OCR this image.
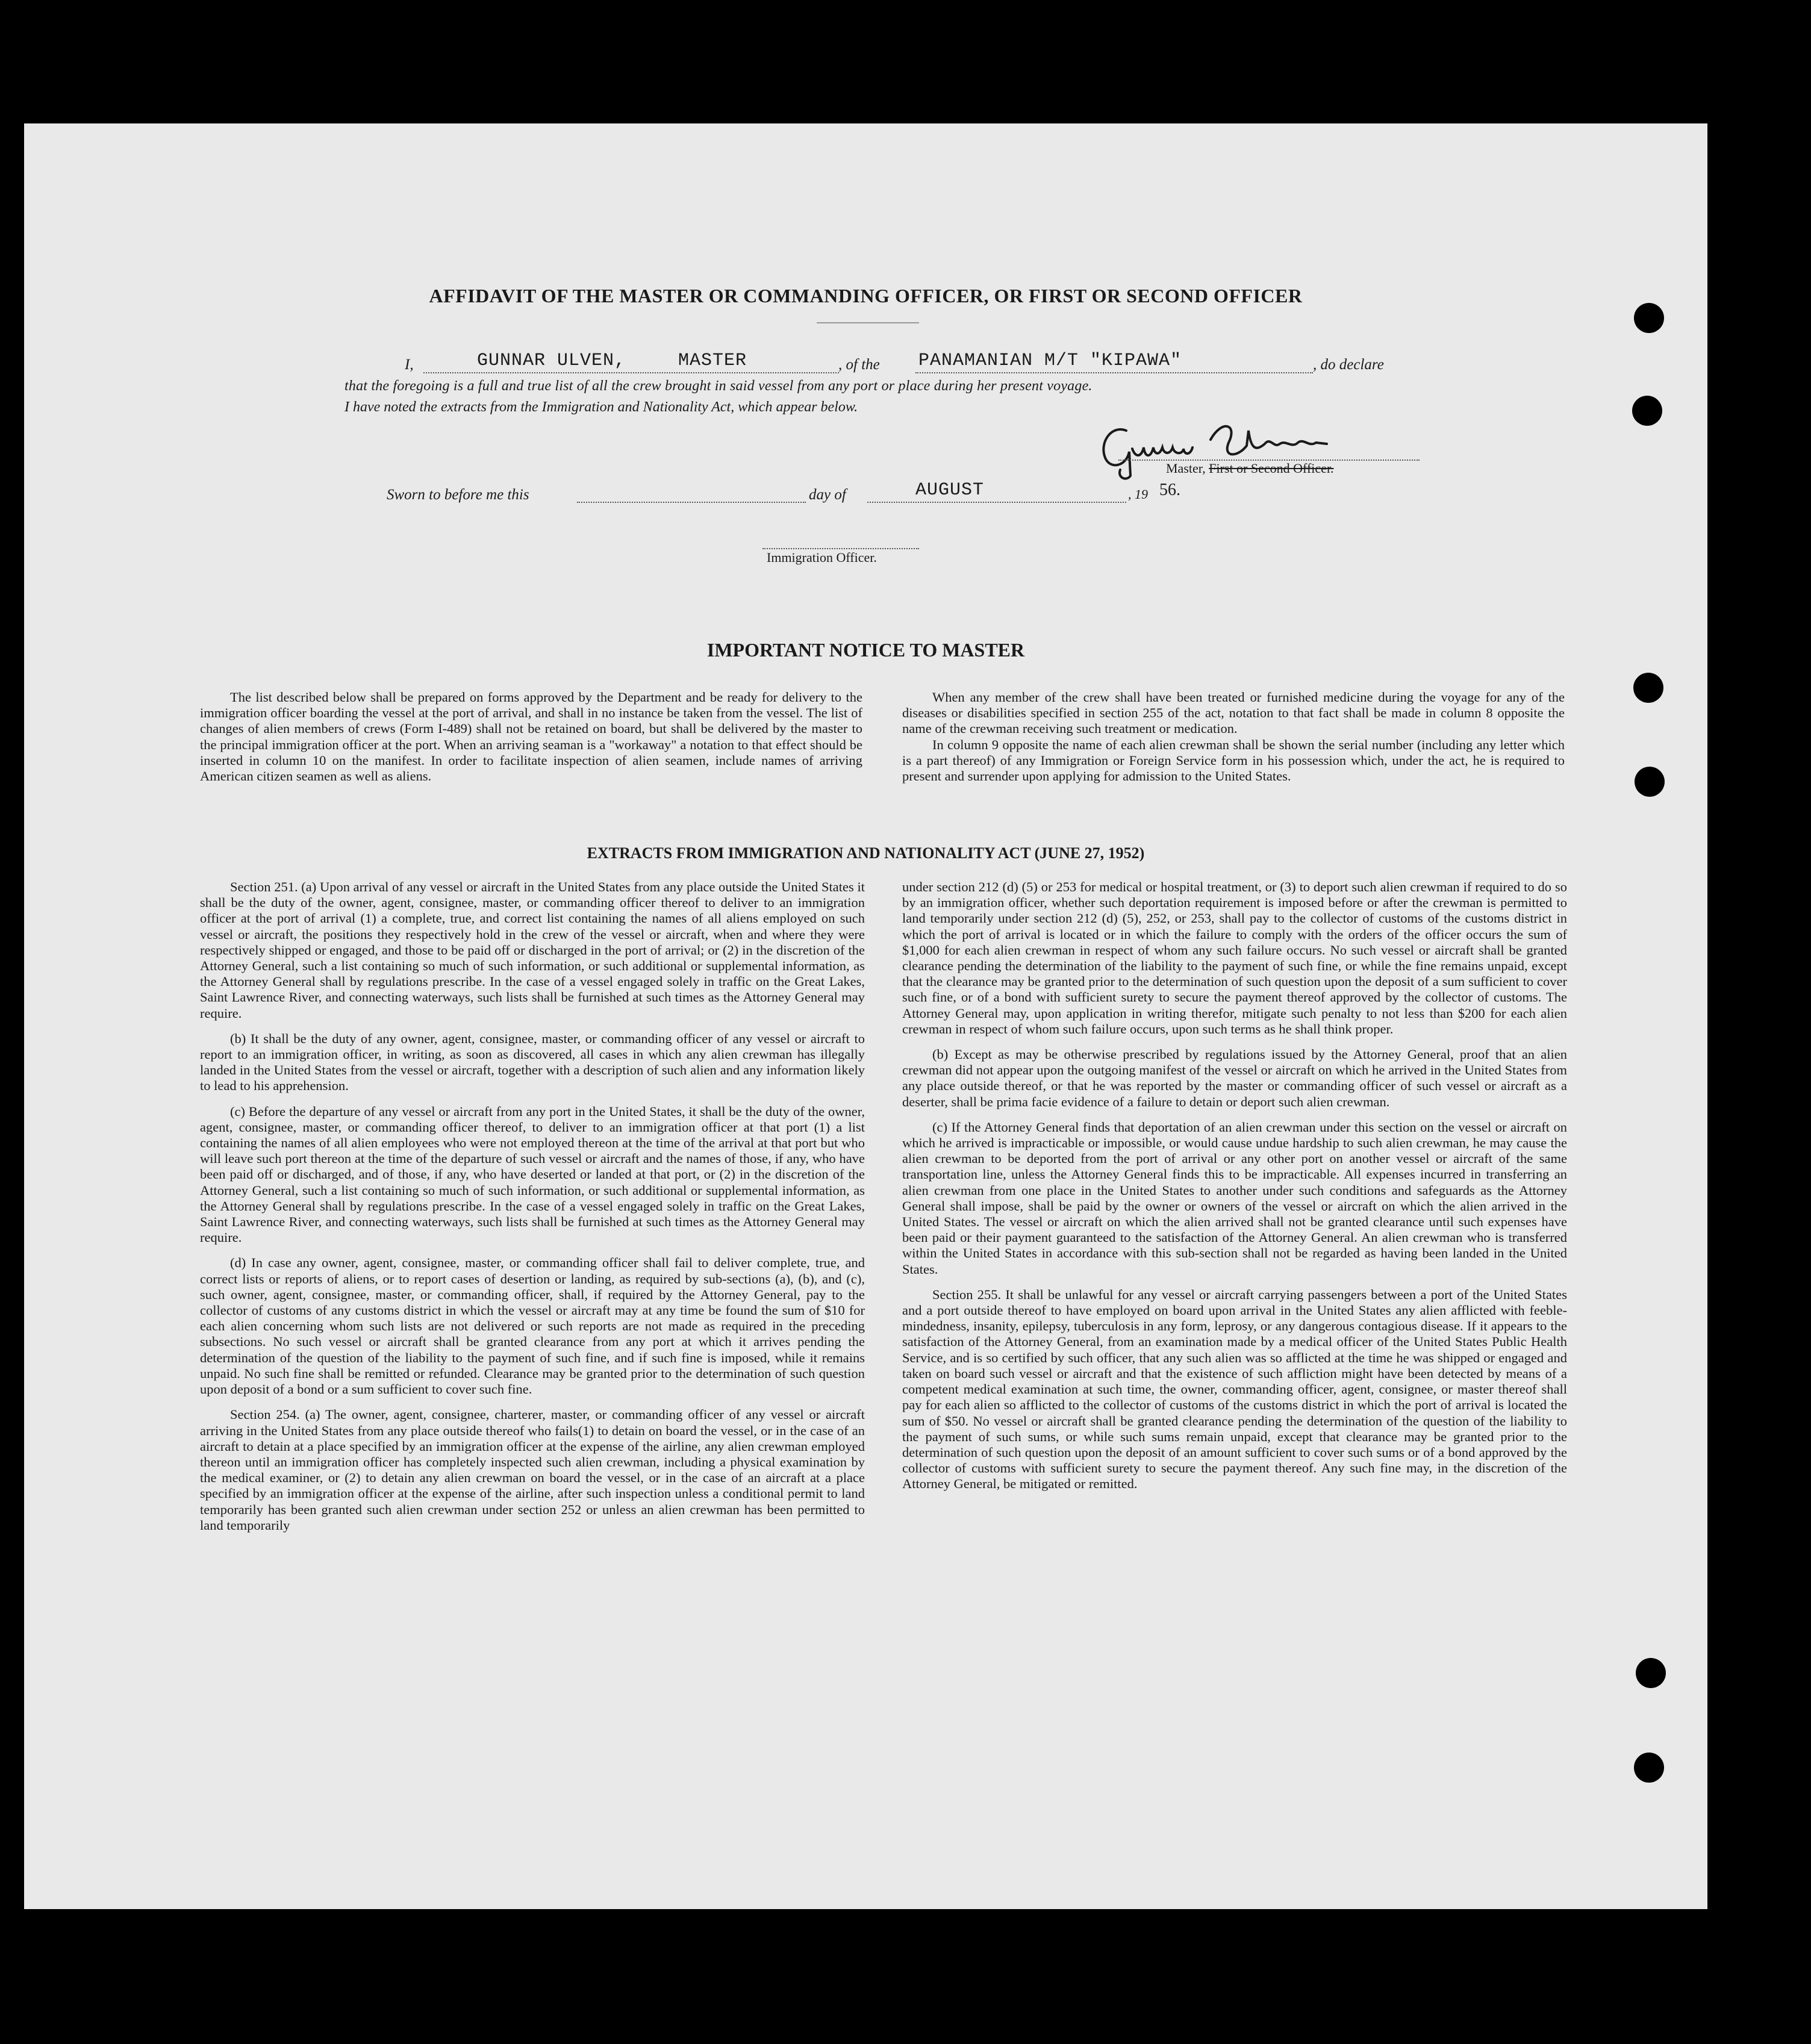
AFFIDAVIT OF THE MASTER OR COMMANDING OFFICER, OR FIRST OR SECOND OFFICER
I,	GUNNAR ULVEN,	MASTER	, of the PANAMANIAN M/T "KIPAWA"	, do declare
that the foregoing is a full and true list of all the crew brought in said vessel from any port or place during her present voyage.
I have noted the extracts from the Immigration and Nationality Act, which appear below.
Master, First or Second Officer.
Sworn to before me this	day of	AUGUST	, 19 56.
Immigration Officer.
IMPORTANT NOTICE TO MASTER

The list described below shall be prepared on forms approved by the Department and be ready for delivery to the immigration officer boarding the vessel at the port of arrival, and shall in no instance be taken from the vessel. The list of changes of alien members of crews (Form I-489) shall not be retained on board, but shall be delivered by the master to the principal immigration officer at the port. When an arriving seaman is a "workaway" a notation to that effect should be inserted in column 10 on the manifest. In order to facilitate inspection of alien seamen, include names of arriving American citizen seamen as well as aliens.

When any member of the crew shall have been treated or furnished medicine during the voyage for any of the diseases or disabilities specified in section 255 of the act, notation to that fact shall be made in column 8 opposite the name of the crewman receiving such treatment or medication.

In column 9 opposite the name of each alien crewman shall be shown the serial number (including any letter which is a part thereof) of any Immigration or Foreign Service form in his possession which, under the act, he is required to present and surrender upon applying for admission to the United States.

EXTRACTS FROM IMMIGRATION AND NATIONALITY ACT (JUNE 27, 1952)

Section 251. (a) Upon arrival of any vessel or aircraft in the United States from any place outside the United States it shall be the duty of the owner, agent, consignee, master, or commanding officer thereof to deliver to an immigration officer at the port of arrival (1) a complete, true, and correct list containing the names of all aliens employed on such vessel or aircraft, the positions they respectively hold in the crew of the vessel or aircraft, when and where they were respectively shipped or engaged, and those to be paid off or discharged in the port of arrival; or (2) in the discretion of the Attorney General, such a list containing so much of such information, or such additional or supplemental information, as the Attorney General shall by regulations prescribe. In the case of a vessel engaged solely in traffic on the Great Lakes, Saint Lawrence River, and connecting waterways, such lists shall be furnished at such times as the Attorney General may require.

(b) It shall be the duty of any owner, agent, consignee, master, or commanding officer of any vessel or aircraft to report to an immigration officer, in writing, as soon as discovered, all cases in which any alien crewman has illegally landed in the United States from the vessel or aircraft, together with a description of such alien and any information likely to lead to his apprehension.

(c) Before the departure of any vessel or aircraft from any port in the United States, it shall be the duty of the owner, agent, consignee, master, or commanding officer thereof, to deliver to an immigration officer at that port (1) a list containing the names of all alien employees who were not employed thereon at the time of the arrival at that port but who will leave such port thereon at the time of the departure of such vessel or aircraft and the names of those, if any, who have been paid off or discharged, and of those, if any, who have deserted or landed at that port, or (2) in the discretion of the Attorney General, such a list containing so much of such information, or such additional or supplemental information, as the Attorney General shall by regulations prescribe. In the case of a vessel engaged solely in traffic on the Great Lakes, Saint Lawrence River, and connecting waterways, such lists shall be furnished at such times as the Attorney General may require.

(d) In case any owner, agent, consignee, master, or commanding officer shall fail to deliver complete, true, and correct lists or reports of aliens, or to report cases of desertion or landing, as required by sub-sections (a), (b), and (c), such owner, agent, consignee, master, or commanding officer, shall, if required by the Attorney General, pay to the collector of customs of any customs district in which the vessel or aircraft may at any time be found the sum of $10 for each alien concerning whom such lists are not delivered or such reports are not made as required in the preceding subsections. No such vessel or aircraft shall be granted clearance from any port at which it arrives pending the determination of the question of the liability to the payment of such fine, and if such fine is imposed, while it remains unpaid. No such fine shall be remitted or refunded. Clearance may be granted prior to the determination of such question upon deposit of a bond or a sum sufficient to cover such fine.

Section 254. (a) The owner, agent, consignee, charterer, master, or commanding officer of any vessel or aircraft arriving in the United States from any place outside thereof who fails(1) to detain on board the vessel, or in the case of an aircraft to detain at a place specified by an immigration officer at the expense of the airline, any alien crewman employed thereon until an immigration officer has completely inspected such alien crewman, including a physical examination by the medical examiner, or (2) to detain any alien crewman on board the vessel, or in the case of an aircraft at a place specified by an immigration officer at the expense of the airline, after such inspection unless a conditional permit to land temporarily has been granted such alien crewman under section 252 or unless an alien crewman has been permitted to land temporarily

under section 212 (d) (5) or 253 for medical or hospital treatment, or (3) to deport such alien crewman if required to do so by an immigration officer, whether such deportation requirement is imposed before or after the crewman is permitted to land temporarily under section 212 (d) (5), 252, or 253, shall pay to the collector of customs of the customs district in which the port of arrival is located or in which the failure to comply with the orders of the officer occurs the sum of $1,000 for each alien crewman in respect of whom any such failure occurs. No such vessel or aircraft shall be granted clearance pending the determination of the liability to the payment of such fine, or while the fine remains unpaid, except that the clearance may be granted prior to the determination of such question upon the deposit of a sum sufficient to cover such fine, or of a bond with sufficient surety to secure the payment thereof approved by the collector of customs. The Attorney General may, upon application in writing therefor, mitigate such penalty to not less than $200 for each alien crewman in respect of whom such failure occurs, upon such terms as he shall think proper.

(b) Except as may be otherwise prescribed by regulations issued by the Attorney General, proof that an alien crewman did not appear upon the outgoing manifest of the vessel or aircraft on which he arrived in the United States from any place outside thereof, or that he was reported by the master or commanding officer of such vessel or aircraft as a deserter, shall be prima facie evidence of a failure to detain or deport such alien crewman.

(c) If the Attorney General finds that deportation of an alien crewman under this section on the vessel or aircraft on which he arrived is impracticable or impossible, or would cause undue hardship to such alien crewman, he may cause the alien crewman to be deported from the port of arrival or any other port on another vessel or aircraft of the same transportation line, unless the Attorney General finds this to be impracticable. All expenses incurred in transferring an alien crewman from one place in the United States to another under such conditions and safeguards as the Attorney General shall impose, shall be paid by the owner or owners of the vessel or aircraft on which the alien arrived in the United States. The vessel or aircraft on which the alien arrived shall not be granted clearance until such expenses have been paid or their payment guaranteed to the satisfaction of the Attorney General. An alien crewman who is transferred within the United States in accordance with this sub-section shall not be regarded as having been landed in the United States.

Section 255. It shall be unlawful for any vessel or aircraft carrying passengers between a port of the United States and a port outside thereof to have employed on board upon arrival in the United States any alien afflicted with feeble-mindedness, insanity, epilepsy, tuberculosis in any form, leprosy, or any dangerous contagious disease. If it appears to the satisfaction of the Attorney General, from an examination made by a medical officer of the United States Public Health Service, and is so certified by such officer, that any such alien was so afflicted at the time he was shipped or engaged and taken on board such vessel or aircraft and that the existence of such affliction might have been detected by means of a competent medical examination at such time, the owner, commanding officer, agent, consignee, or master thereof shall pay for each alien so afflicted to the collector of customs of the customs district in which the port of arrival is located the sum of $50. No vessel or aircraft shall be granted clearance pending the determination of the question of the liability to the payment of such sums, or while such sums remain unpaid, except that clearance may be granted prior to the determination of such question upon the deposit of an amount sufficient to cover such sums or of a bond approved by the collector of customs with sufficient surety to secure the payment thereof. Any such fine may, in the discretion of the Attorney General, be mitigated or remitted.
